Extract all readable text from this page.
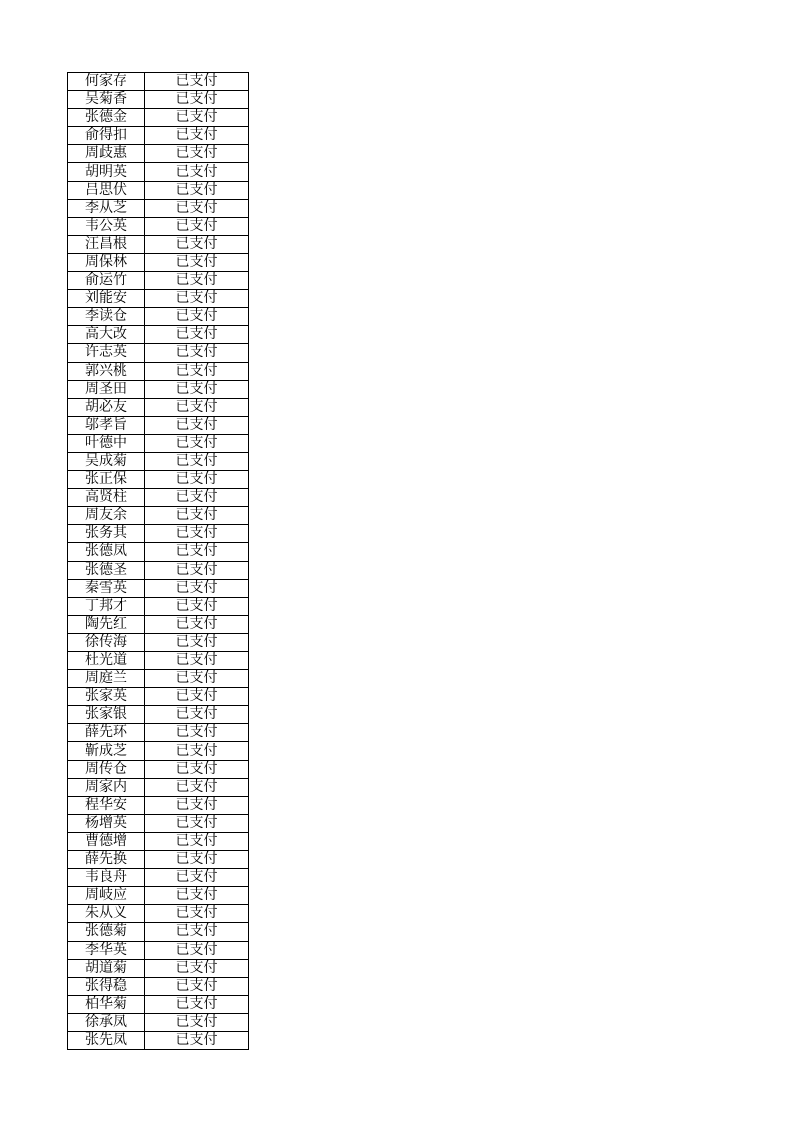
何家存	已支付
吴菊香	已支付
张德金	已支付
俞得扣	已支付
周歧惠	已支付
胡明英	已支付
吕思伏	已支付
李从芝	已支付
韦公英	已支付
汪昌根	已支付
周保林	已支付
俞运竹	已支付
刘能安	已支付
李读仓	已支付
高大改	已支付
许志英	已支付
郭兴桃	已支付
周圣田	已支付
胡必友	已支付
邬孝旨	已支付
叶德中	已支付
吴成菊	已支付
张正保	已支付
高贤柱	已支付
周友余	已支付
张务其	已支付
张德凤	已支付
张德圣	已支付
秦雪英	已支付
丁邦才	已支付
陶先红	已支付
徐传海	已支付
杜光道	已支付
周庭兰	已支付
张家英	已支付
张家银	已支付
薛先环	已支付
靳成芝	已支付
周传仓	已支付
周家内	已支付
程华安	已支付
杨增英	已支付
曹德增	已支付
薛先换	已支付
韦良舟	已支付
周岐应	已支付
朱从义	已支付
张德菊	已支付
李华英	已支付
胡道菊	已支付
张得稳	已支付
柏华菊	已支付
徐承凤	已支付
张先凤	已支付
